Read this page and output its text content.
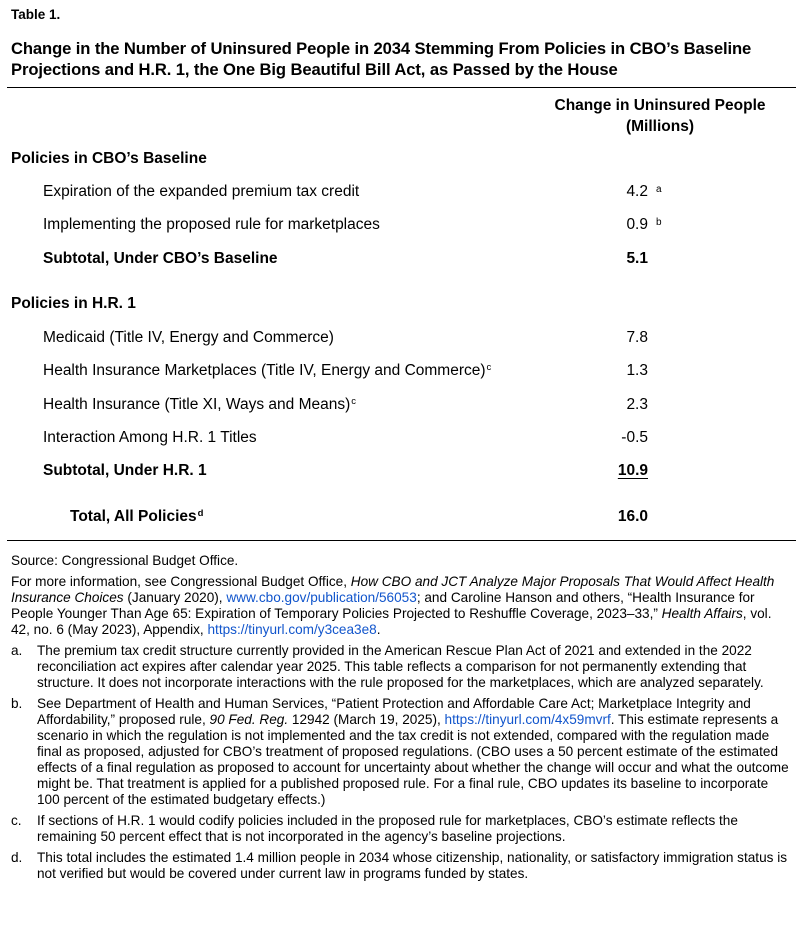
Table 1.
Change in the Number of Uninsured People in 2034 Stemming From Policies in CBO’s Baseline Projections and H.R. 1, the One Big Beautiful Bill Act, as Passed by the House
Change in Uninsured People
(Millions)
Policies in CBO’s Baseline
Expiration of the expanded premium tax credit	4.2 a
Implementing the proposed rule for marketplaces	0.9 b
Subtotal, Under CBO’s Baseline	5.1
Policies in H.R. 1
Medicaid (Title IV, Energy and Commerce)	7.8
Health Insurance Marketplaces (Title IV, Energy and Commerce)$^c$	1.3
Health Insurance (Title XI, Ways and Means)$^c$	2.3
Interaction Among H.R. 1 Titles	-0.5
Subtotal, Under H.R. 1	10.9
Total, All Policies$^d$	16.0

Source: Congressional Budget Office.

For more information, see Congressional Budget Office, How CBO and JCT Analyze Major Proposals That Would Affect Health Insurance Choices (January 2020), www.cbo.gov/publication/56053; and Caroline Hanson and others, “Health Insurance for People Younger Than Age 65: Expiration of Temporary Policies Projected to Reshuffle Coverage, 2023–33,” Health Affairs, vol. 42, no. 6 (May 2023), Appendix, https://tinyurl.com/y3cea3e8.

a. The premium tax credit structure currently provided in the American Rescue Plan Act of 2021 and extended in the 2022 reconciliation act expires after calendar year 2025. This table reflects a comparison for not permanently extending that structure. It does not incorporate interactions with the rule proposed for the marketplaces, which are analyzed separately.

b. See Department of Health and Human Services, “Patient Protection and Affordable Care Act; Marketplace Integrity and Affordability,” proposed rule, 90 Fed. Reg. 12942 (March 19, 2025), https://tinyurl.com/4x59mvrf. This estimate represents a scenario in which the regulation is not implemented and the tax credit is not extended, compared with the regulation made final as proposed, adjusted for CBO’s treatment of proposed regulations. (CBO uses a 50 percent estimate of the estimated effects of a final regulation as proposed to account for uncertainty about whether the change will occur and what the outcome might be. That treatment is applied for a published proposed rule. For a final rule, CBO updates its baseline to incorporate 100 percent of the estimated budgetary effects.)

c. If sections of H.R. 1 would codify policies included in the proposed rule for marketplaces, CBO’s estimate reflects the remaining 50 percent effect that is not incorporated in the agency’s baseline projections.

d. This total includes the estimated 1.4 million people in 2034 whose citizenship, nationality, or satisfactory immigration status is not verified but would be covered under current law in programs funded by states.
